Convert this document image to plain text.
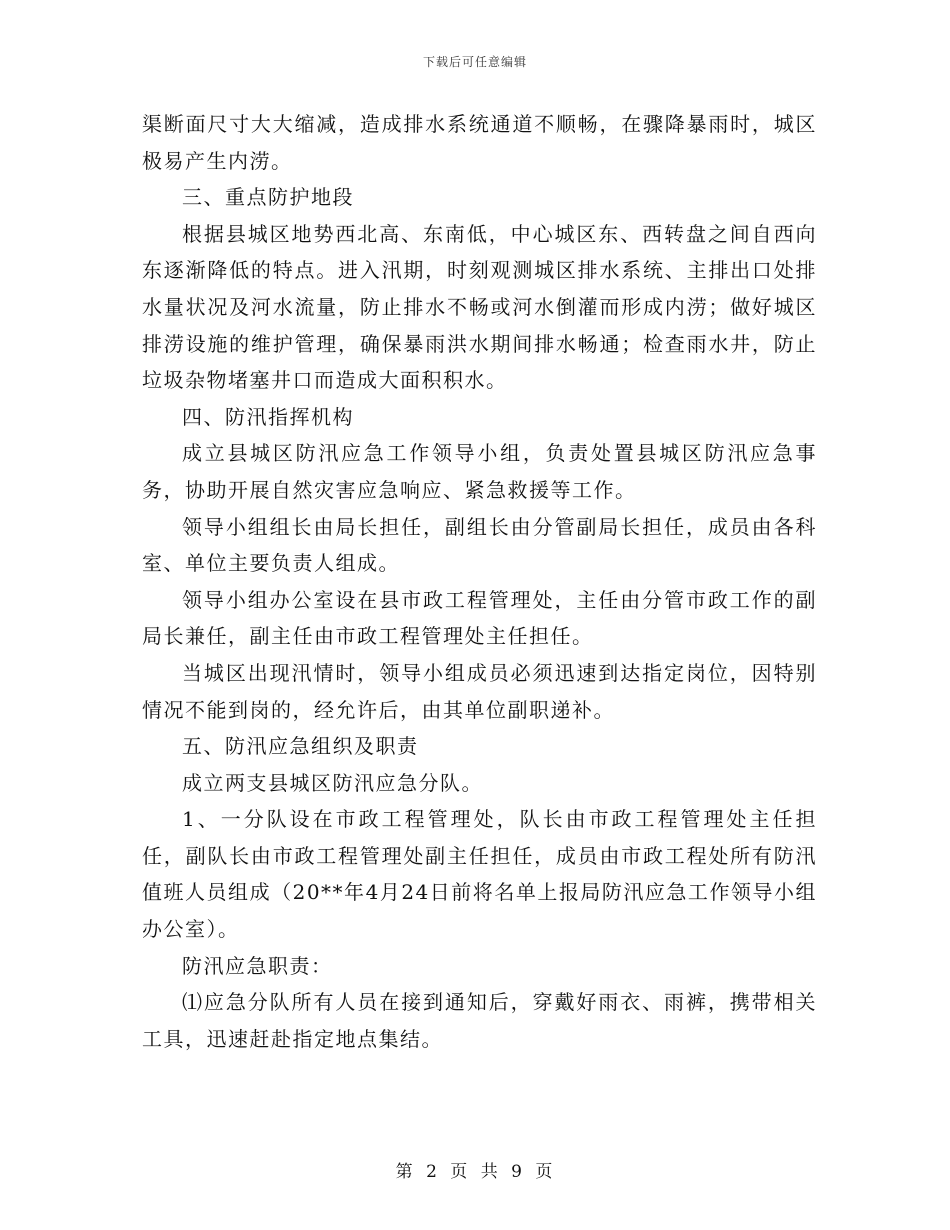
下载后可任意编辑

渠断面尺寸大大缩减，造成排水系统通道不顺畅，在骤降暴雨时，城区极易产生内涝。

三、重点防护地段

根据县城区地势西北高、东南低，中心城区东、西转盘之间自西向东逐渐降低的特点。进入汛期，时刻观测城区排水系统、主排出口处排水量状况及河水流量，防止排水不畅或河水倒灌而形成内涝；做好城区排涝设施的维护管理，确保暴雨洪水期间排水畅通；检查雨水井，防止垃圾杂物堵塞井口而造成大面积积水。

四、防汛指挥机构

成立县城区防汛应急工作领导小组，负责处置县城区防汛应急事务，协助开展自然灾害应急响应、紧急救援等工作。

领导小组组长由局长担任，副组长由分管副局长担任，成员由各科室、单位主要负责人组成。

领导小组办公室设在县市政工程管理处，主任由分管市政工作的副局长兼任，副主任由市政工程管理处主任担任。

当城区出现汛情时，领导小组成员必须迅速到达指定岗位，因特别情况不能到岗的，经允许后，由其单位副职递补。

五、防汛应急组织及职责

成立两支县城区防汛应急分队。

1、一分队设在市政工程管理处，队长由市政工程管理处主任担任，副队长由市政工程管理处副主任担任，成员由市政工程处所有防汛值班人员组成（20**年4月24日前将名单上报局防汛应急工作领导小组办公室）。

防汛应急职责：

⑴应急分队所有人员在接到通知后，穿戴好雨衣、雨裤，携带相关工具，迅速赶赴指定地点集结。

第 2 页 共 9 页
